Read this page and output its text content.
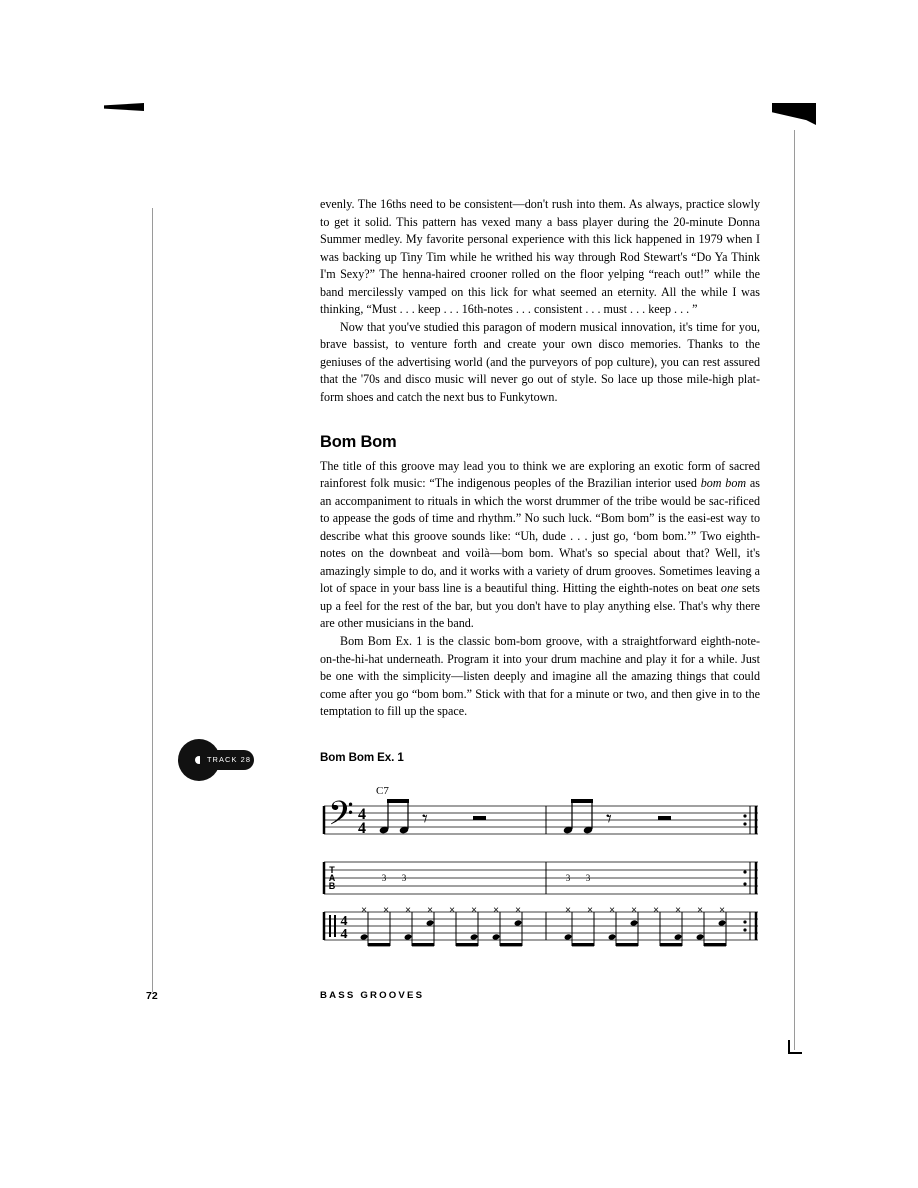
evenly. The 16ths need to be consistent—don't rush into them. As always, practice slowly to get it solid. This pattern has vexed many a bass player during the 20-minute Donna Summer medley. My favorite personal experience with this lick happened in 1979 when I was backing up Tiny Tim while he writhed his way through Rod Stewart's “Do Ya Think I'm Sexy?” The henna-haired crooner rolled on the floor yelping “reach out!” while the band mercilessly vamped on this lick for what seemed an eternity. All the while I was thinking, “Must . . . keep . . . 16th-notes . . . consistent . . . must . . . keep . . . ”

Now that you've studied this paragon of modern musical innovation, it's time for you, brave bassist, to venture forth and create your own disco memories. Thanks to the geniuses of the advertising world (and the purveyors of pop culture), you can rest assured that the '70s and disco music will never go out of style. So lace up those mile-high plat-form shoes and catch the next bus to Funkytown.

Bom Bom

The title of this groove may lead you to think we are exploring an exotic form of sacred rainforest folk music: “The indigenous peoples of the Brazilian interior used bom bom as an accompaniment to rituals in which the worst drummer of the tribe would be sac-rificed to appease the gods of time and rhythm.” No such luck. “Bom bom” is the easi-est way to describe what this groove sounds like: “Uh, dude . . . just go, ‘bom bom.’” Two eighth-notes on the downbeat and voilà—bom bom. What's so special about that? Well, it's amazingly simple to do, and it works with a variety of drum grooves. Sometimes leaving a lot of space in your bass line is a beautiful thing. Hitting the eighth-notes on beat one sets up a feel for the rest of the bar, but you don't have to play anything else. That's why there are other musicians in the band.

Bom Bom Ex. 1 is the classic bom-bom groove, with a straightforward eighth-note-on-the-hi-hat underneath. Program it into your drum machine and play it for a while. Just be one with the simplicity—listen deeply and imagine all the amazing things that could come after you go “bom bom.” Stick with that for a minute or two, and then give in to the temptation to fill up the space.

Bom Bom Ex. 1

TRACK 28
𝄢 4
4
4
4
T
A
B
C7
𝄾	𝄾
3 3	3 3
× × × × × × × ×	× × × × × × × ×
72	BASS GROOVES
